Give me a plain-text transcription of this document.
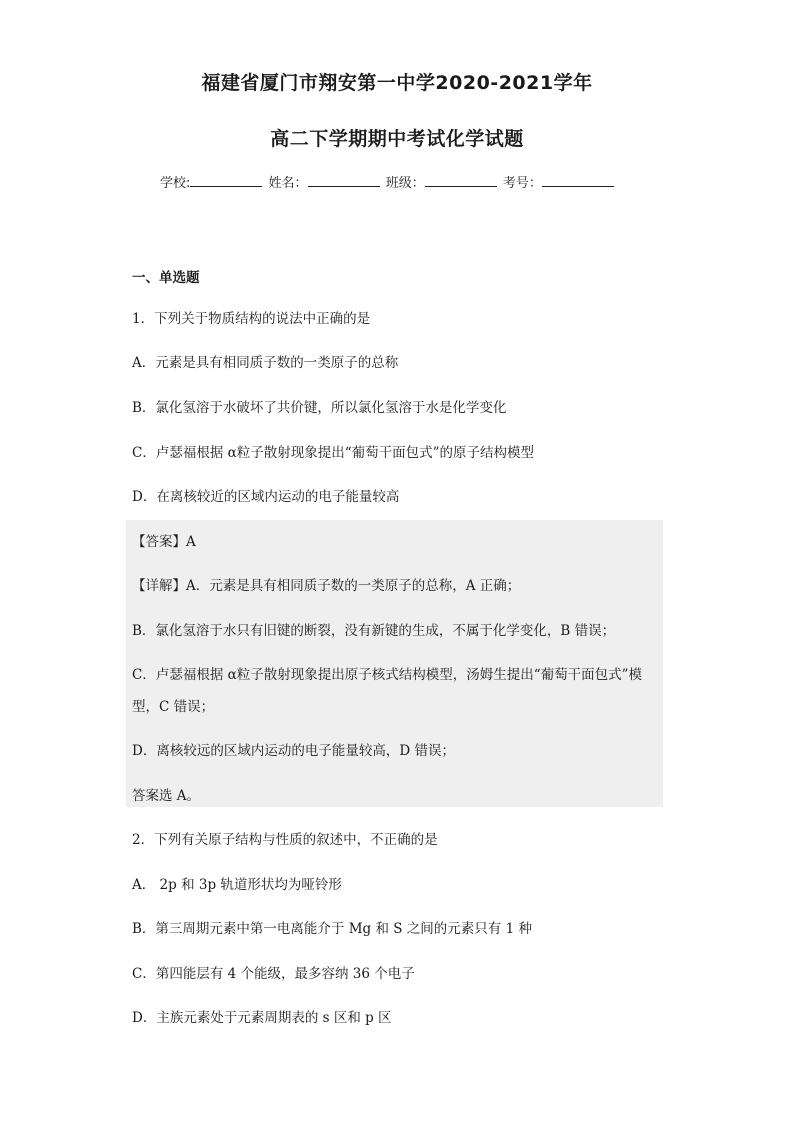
福建省厦门市翔安第一中学2020-2021学年
高二下学期期中考试化学试题
学校:	姓名：	班级：	考号：
一、单选题
1．下列关于物质结构的说法中正确的是
A．元素是具有相同质子数的一类原子的总称
B．氯化氢溶于水破坏了共价键，所以氯化氢溶于水是化学变化
C．卢瑟福根据 α粒子散射现象提出“葡萄干面包式”的原子结构模型
D．在离核较近的区域内运动的电子能量较高
【答案】A
【详解】A．元素是具有相同质子数的一类原子的总称，A 正确；
B．氯化氢溶于水只有旧键的断裂，没有新键的生成，不属于化学变化，B 错误；
C．卢瑟福根据 α粒子散射现象提出原子核式结构模型，汤姆生提出“葡萄干面包式”模
型，C 错误；
D．离核较远的区域内运动的电子能量较高，D 错误；
答案选 A。
2．下列有关原子结构与性质的叙述中，不正确的是
A． 2p 和 3p 轨道形状均为哑铃形
B．第三周期元素中第一电离能介于 Mg 和 S 之间的元素只有 1 种
C．第四能层有 4 个能级，最多容纳 36 个电子
D．主族元素处于元素周期表的 s 区和 p 区
